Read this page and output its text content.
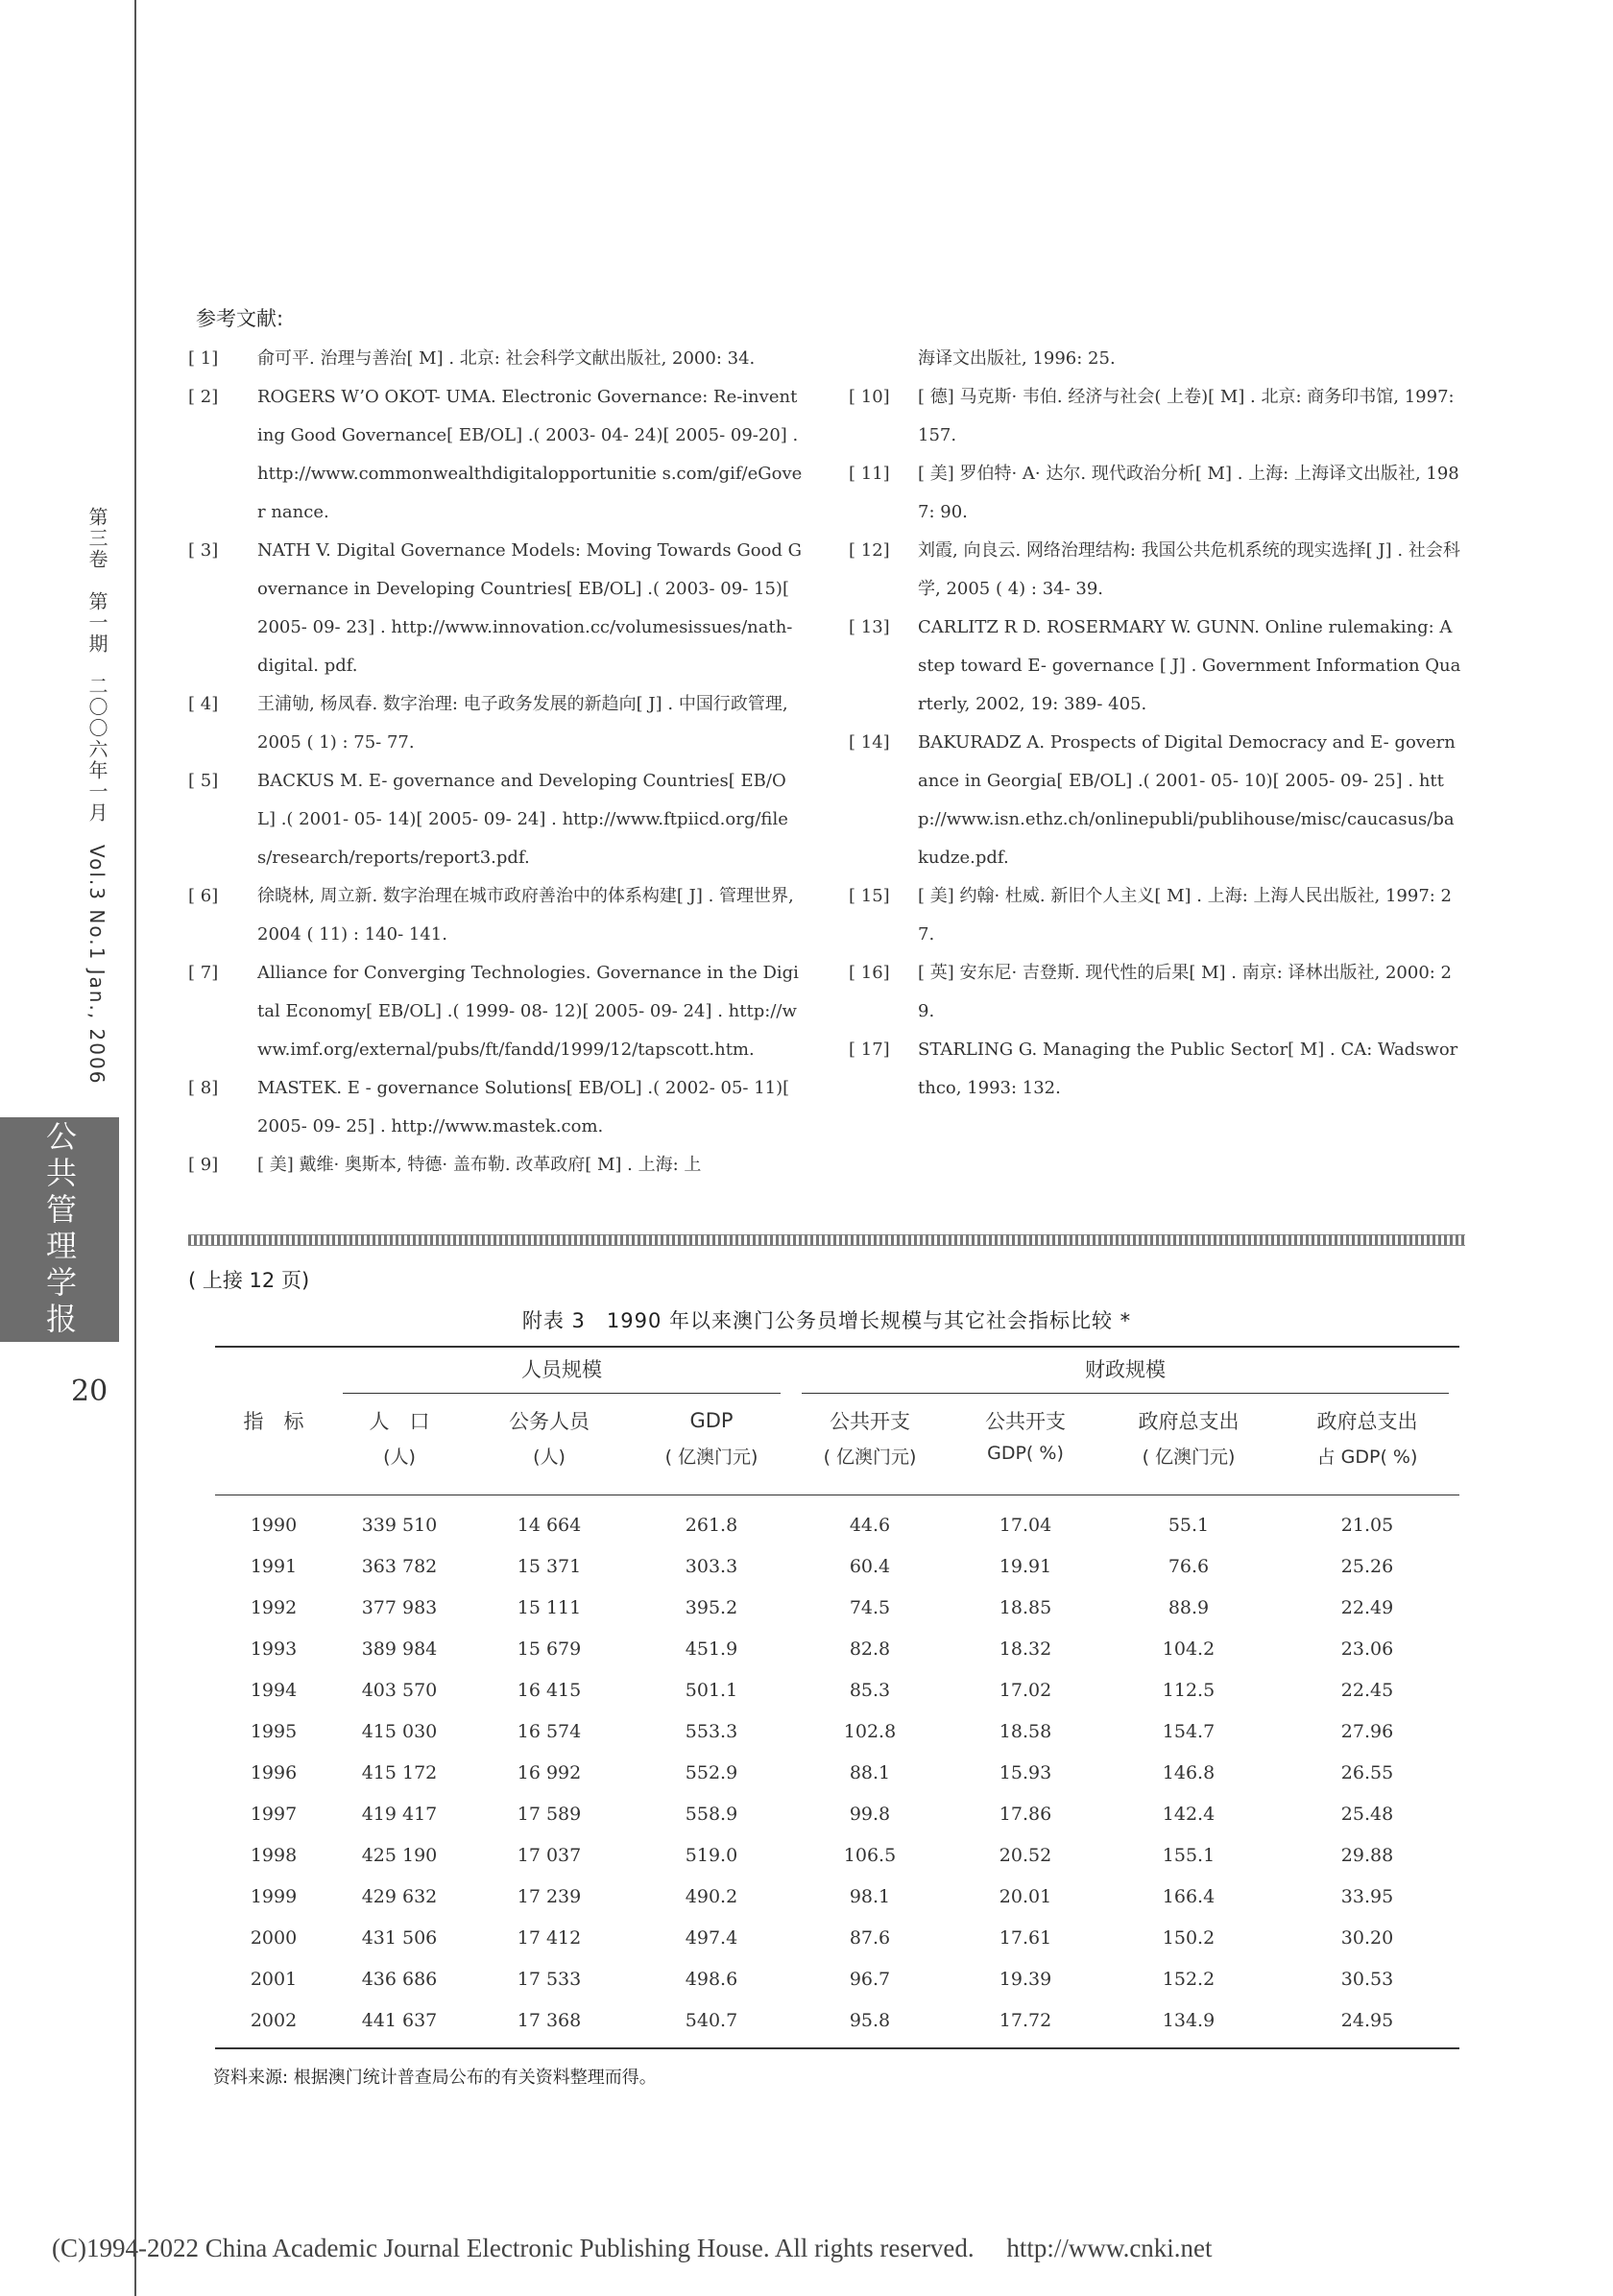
第三卷　第一期　二〇〇六年一月　Vol.3 No.1 Jan., 2006
公共管理学报
20
参考文献:
[ 1]	俞可平. 治理与善治[ M] . 北京: 社会科学文献出版社, 2000: 34.
[ 2]	ROGERS W’O OKOT- UMA. Electronic Governance: Re-inventing Good Governance[ EB/OL] .( 2003- 04- 24)[ 2005- 09-20] . http://www.commonwealthdigitalopportunitie s.com/gif/eGover nance.
[ 3]	NATH V. Digital Governance Models: Moving Towards Good Governance in Developing Countries[ EB/OL] .( 2003- 09- 15)[ 2005- 09- 23] . http://www.innovation.cc/volumesissues/nath- digital. pdf.
[ 4]	王浦劬, 杨凤春. 数字治理: 电子政务发展的新趋向[ J] . 中国行政管理, 2005 ( 1) : 75- 77.
[ 5]	BACKUS M. E- governance and Developing Countries[ EB/OL] .( 2001- 05- 14)[ 2005- 09- 24] . http://www.ftpiicd.org/files/research/reports/report3.pdf.
[ 6]	徐晓林, 周立新. 数字治理在城市政府善治中的体系构建[ J] . 管理世界, 2004 ( 11) : 140- 141.
[ 7]	Alliance for Converging Technologies. Governance in the Digital Economy[ EB/OL] .( 1999- 08- 12)[ 2005- 09- 24] . http://www.imf.org/external/pubs/ft/fandd/1999/12/tapscott.htm.
[ 8]	MASTEK. E - governance Solutions[ EB/OL] .( 2002- 05- 11)[ 2005- 09- 25] . http://www.mastek.com.
[ 9]	[ 美] 戴维· 奥斯本, 特德· 盖布勒. 改革政府[ M] . 上海: 上
海译文出版社, 1996: 25.
[ 10]	[ 德] 马克斯· 韦伯. 经济与社会( 上卷)[ M] . 北京: 商务印书馆, 1997: 157.
[ 11]	[ 美] 罗伯特· A· 达尔. 现代政治分析[ M] . 上海: 上海译文出版社, 1987: 90.
[ 12]	刘霞, 向良云. 网络治理结构: 我国公共危机系统的现实选择[ J] . 社会科学, 2005 ( 4) : 34- 39.
[ 13]	CARLITZ R D. ROSERMARY W. GUNN. Online rulemaking: A step toward E- governance [ J] . Government Information Quarterly, 2002, 19: 389- 405.
[ 14]	BAKURADZ A. Prospects of Digital Democracy and E- governance in Georgia[ EB/OL] .( 2001- 05- 10)[ 2005- 09- 25] . http://www.isn.ethz.ch/onlinepubli/publihouse/misc/caucasus/bakudze.pdf.
[ 15]	[ 美] 约翰· 杜威. 新旧个人主义[ M] . 上海: 上海人民出版社, 1997: 27.
[ 16]	[ 英] 安东尼· 吉登斯. 现代性的后果[ M] . 南京: 译林出版社, 2000: 29.
[ 17]	STARLING G. Managing the Public Sector[ M] . CA: Wadsworthco, 1993: 132.
( 上接 12 页)
附表 3　1990 年以来澳门公务员增长规模与其它社会指标比较 *

	人员规模			财政规模			

指　标	人　口	公务人员	GDP	公共开支	公共开支	政府总支出	政府总支出
	(人)	(人)	( 亿澳门元)	( 亿澳门元)	GDP( %)	( 亿澳门元)	占 GDP( %)
1990	339 510	14 664	261.8	44.6	17.04	55.1	21.05
1991	363 782	15 371	303.3	60.4	19.91	76.6	25.26
1992	377 983	15 111	395.2	74.5	18.85	88.9	22.49
1993	389 984	15 679	451.9	82.8	18.32	104.2	23.06
1994	403 570	16 415	501.1	85.3	17.02	112.5	22.45
1995	415 030	16 574	553.3	102.8	18.58	154.7	27.96
1996	415 172	16 992	552.9	88.1	15.93	146.8	26.55
1997	419 417	17 589	558.9	99.8	17.86	142.4	25.48
1998	425 190	17 037	519.0	106.5	20.52	155.1	29.88
1999	429 632	17 239	490.2	98.1	20.01	166.4	33.95
2000	431 506	17 412	497.4	87.6	17.61	150.2	30.20
2001	436 686	17 533	498.6	96.7	19.39	152.2	30.53
2002	441 637	17 368	540.7	95.8	17.72	134.9	24.95
资料来源: 根据澳门统计普查局公布的有关资料整理而得。
(C)1994-2022 China Academic Journal Electronic Publishing House. All rights reserved.　 http://www.cnki.net
